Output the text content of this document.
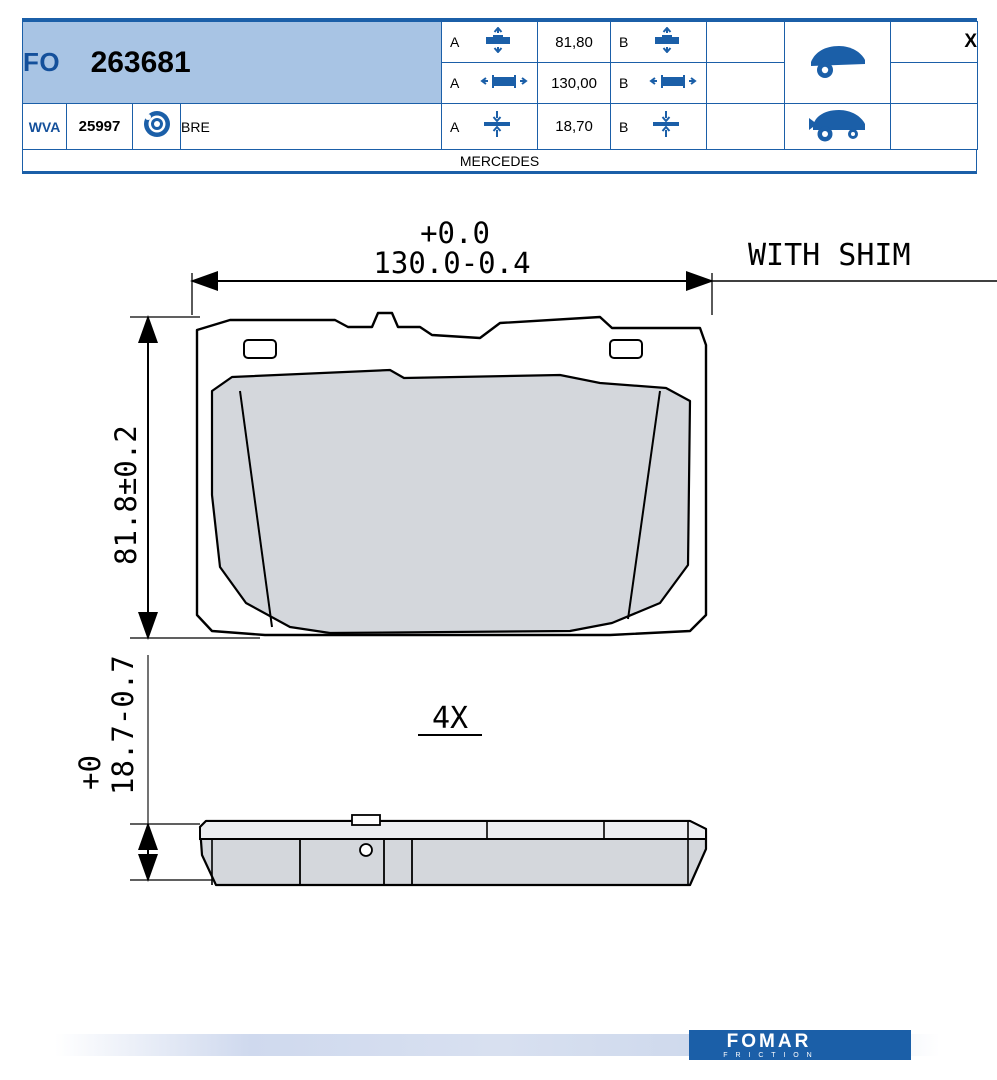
FO 263681				A	81,80	B			X
				A	130,00	B			
WVA	25997		BRE	A	18,70	B			
MERCEDES
+0.0
130.0-0.4	WITH SHIM
81.8±0.2
+0 18.7-0.7	4X
FOMAR
F R I C T I O N
